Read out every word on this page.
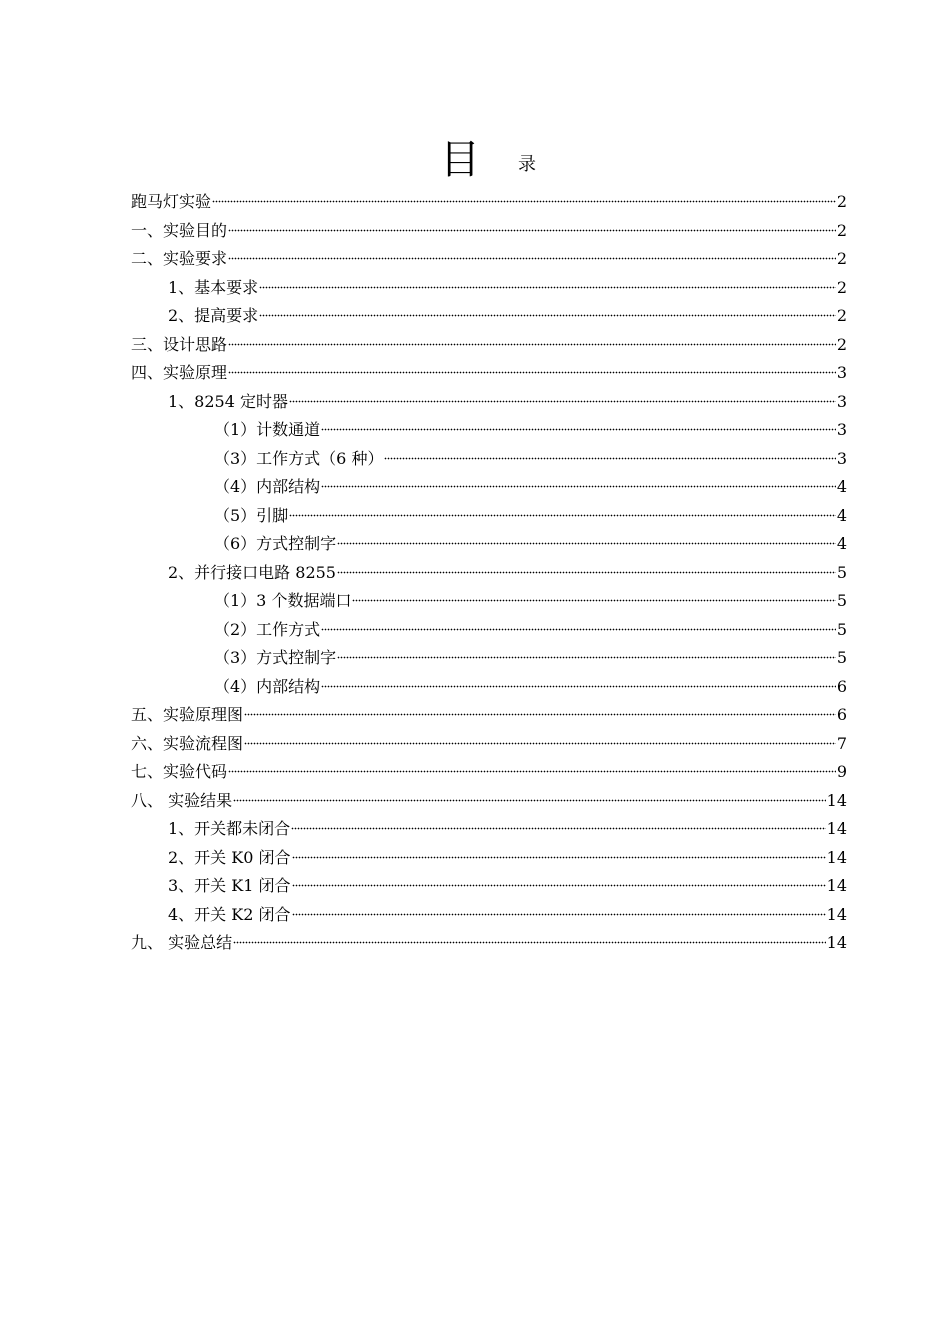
目 录
跑马灯实验	2
一、实验目的	2
二、实验要求	2
1、基本要求	2
2、提高要求	2
三、设计思路	2
四、实验原理	3
1、8254 定时器	3
（1）计数通道	3
（3）工作方式（6 种）	3
（4）内部结构	4
（5）引脚	4
（6）方式控制字	4
2、并行接口电路 8255	5
（1）3 个数据端口	5
（2）工作方式	5
（3）方式控制字	5
（4）内部结构	6
五、实验原理图	6
六、实验流程图	7
七、实验代码	9
八、 实验结果	14
1、开关都未闭合	14
2、开关 K0 闭合	14
3、开关 K1 闭合	14
4、开关 K2 闭合	14
九、 实验总结	14
